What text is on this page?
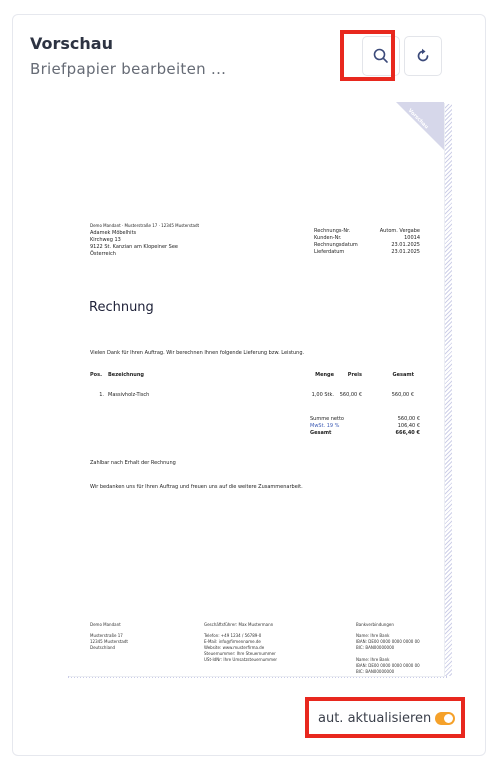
Vorschau
Briefpapier bearbeiten ...
Vorschau
Demo Mandant · Musterstraße 17 · 12345 Musterstadt
Adamek Möbelhits
Kirchweg 13
9122 St. Kanzian am Klopeiner See
Österreich
Rechnungs-Nr.	Autom. Vergabe
Kunden-Nr.	10014
Rechnungsdatum	23.01.2025
Lieferdatum	23.01.2025
Rechnung
Vielen Dank für Ihren Auftrag. Wir berechnen Ihnen folgende Lieferung bzw. Leistung.
Pos.	Bezeichnung	Menge	Preis	Gesamt
1. Massivholz-Tisch	1,00 Stk.	560,00 €	560,00 €
Summe netto	560,00 €
MwSt. 19 %	106,40 €
Gesamt	666,40 €
Zahlbar nach Erhalt der Rechnung
Wir bedanken uns für Ihren Auftrag und freuen uns auf die weitere Zusammenarbeit.
Demo Mandant
Musterstraße 17
12345 Musterstadt
Deutschland
Geschäftsführer: Max Mustermann
Telefon: +49 1234 / 56789-0
E-Mail: info@firmenname.de
Website: www.musterfirma.de
Steuernummer: Ihre Steuernummer
USt-IdNr: Ihre Umsatzsteuernummer
Bankverbindungen
Name: Ihre Bank
IBAN: DE00 0000 0000 0000 00
BIC: BAN00000000
Name: Ihre Bank
IBAN: DE00 0000 0000 0000 00
BIC: BAN00000000
aut. aktualisieren
